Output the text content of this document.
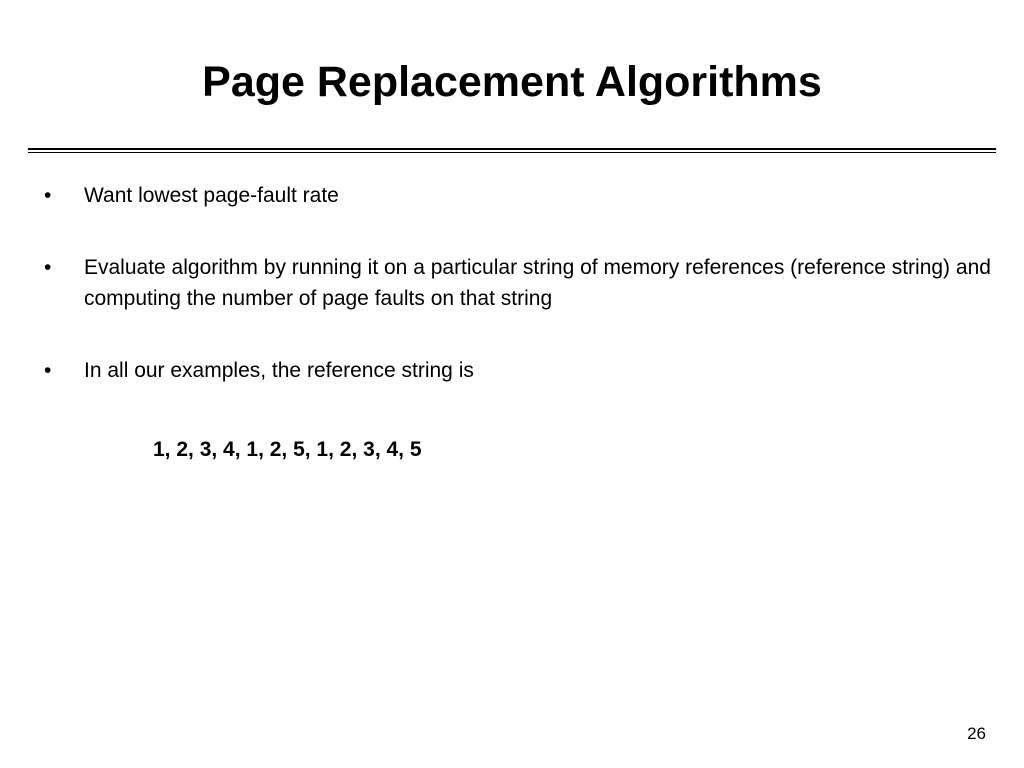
Page Replacement Algorithms
• Want lowest page-fault rate
• Evaluate algorithm by running it on a particular string of memory references (reference string) and computing the number of page faults on that string
• In all our examples, the reference string is

1, 2, 3, 4, 1, 2, 5, 1, 2, 3, 4, 5

26
